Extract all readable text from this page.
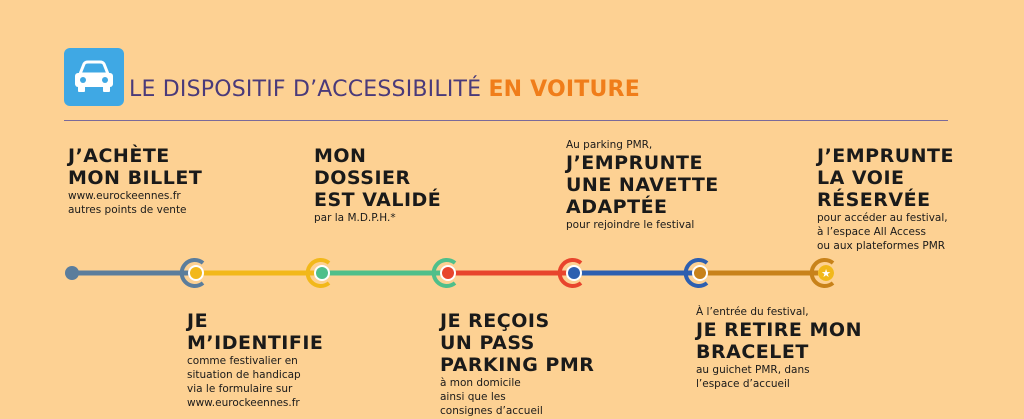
LE DISPOSITIF D’ACCESSIBILITÉ EN VOITURE
★
J’ACHÈTE
MON BILLET
www.eurockeennes.fr
autres points de vente
JE
M’IDENTIFIE
comme festivalier en
situation de handicap
via le formulaire sur
www.eurockeennes.fr
MON
DOSSIER
EST VALIDÉ
par la M.D.P.H.*
JE REÇOIS
UN PASS
PARKING PMR
à mon domicile
ainsi que les
consignes d’accueil
Au parking PMR,
J’EMPRUNTE
UNE NAVETTE
ADAPTÉE
pour rejoindre le festival
À l’entrée du festival,
JE RETIRE MON
BRACELET
au guichet PMR, dans
l’espace d’accueil
J’EMPRUNTE
LA VOIE
RÉSERVÉE
pour accéder au festival,
à l’espace All Access
ou aux plateformes PMR
